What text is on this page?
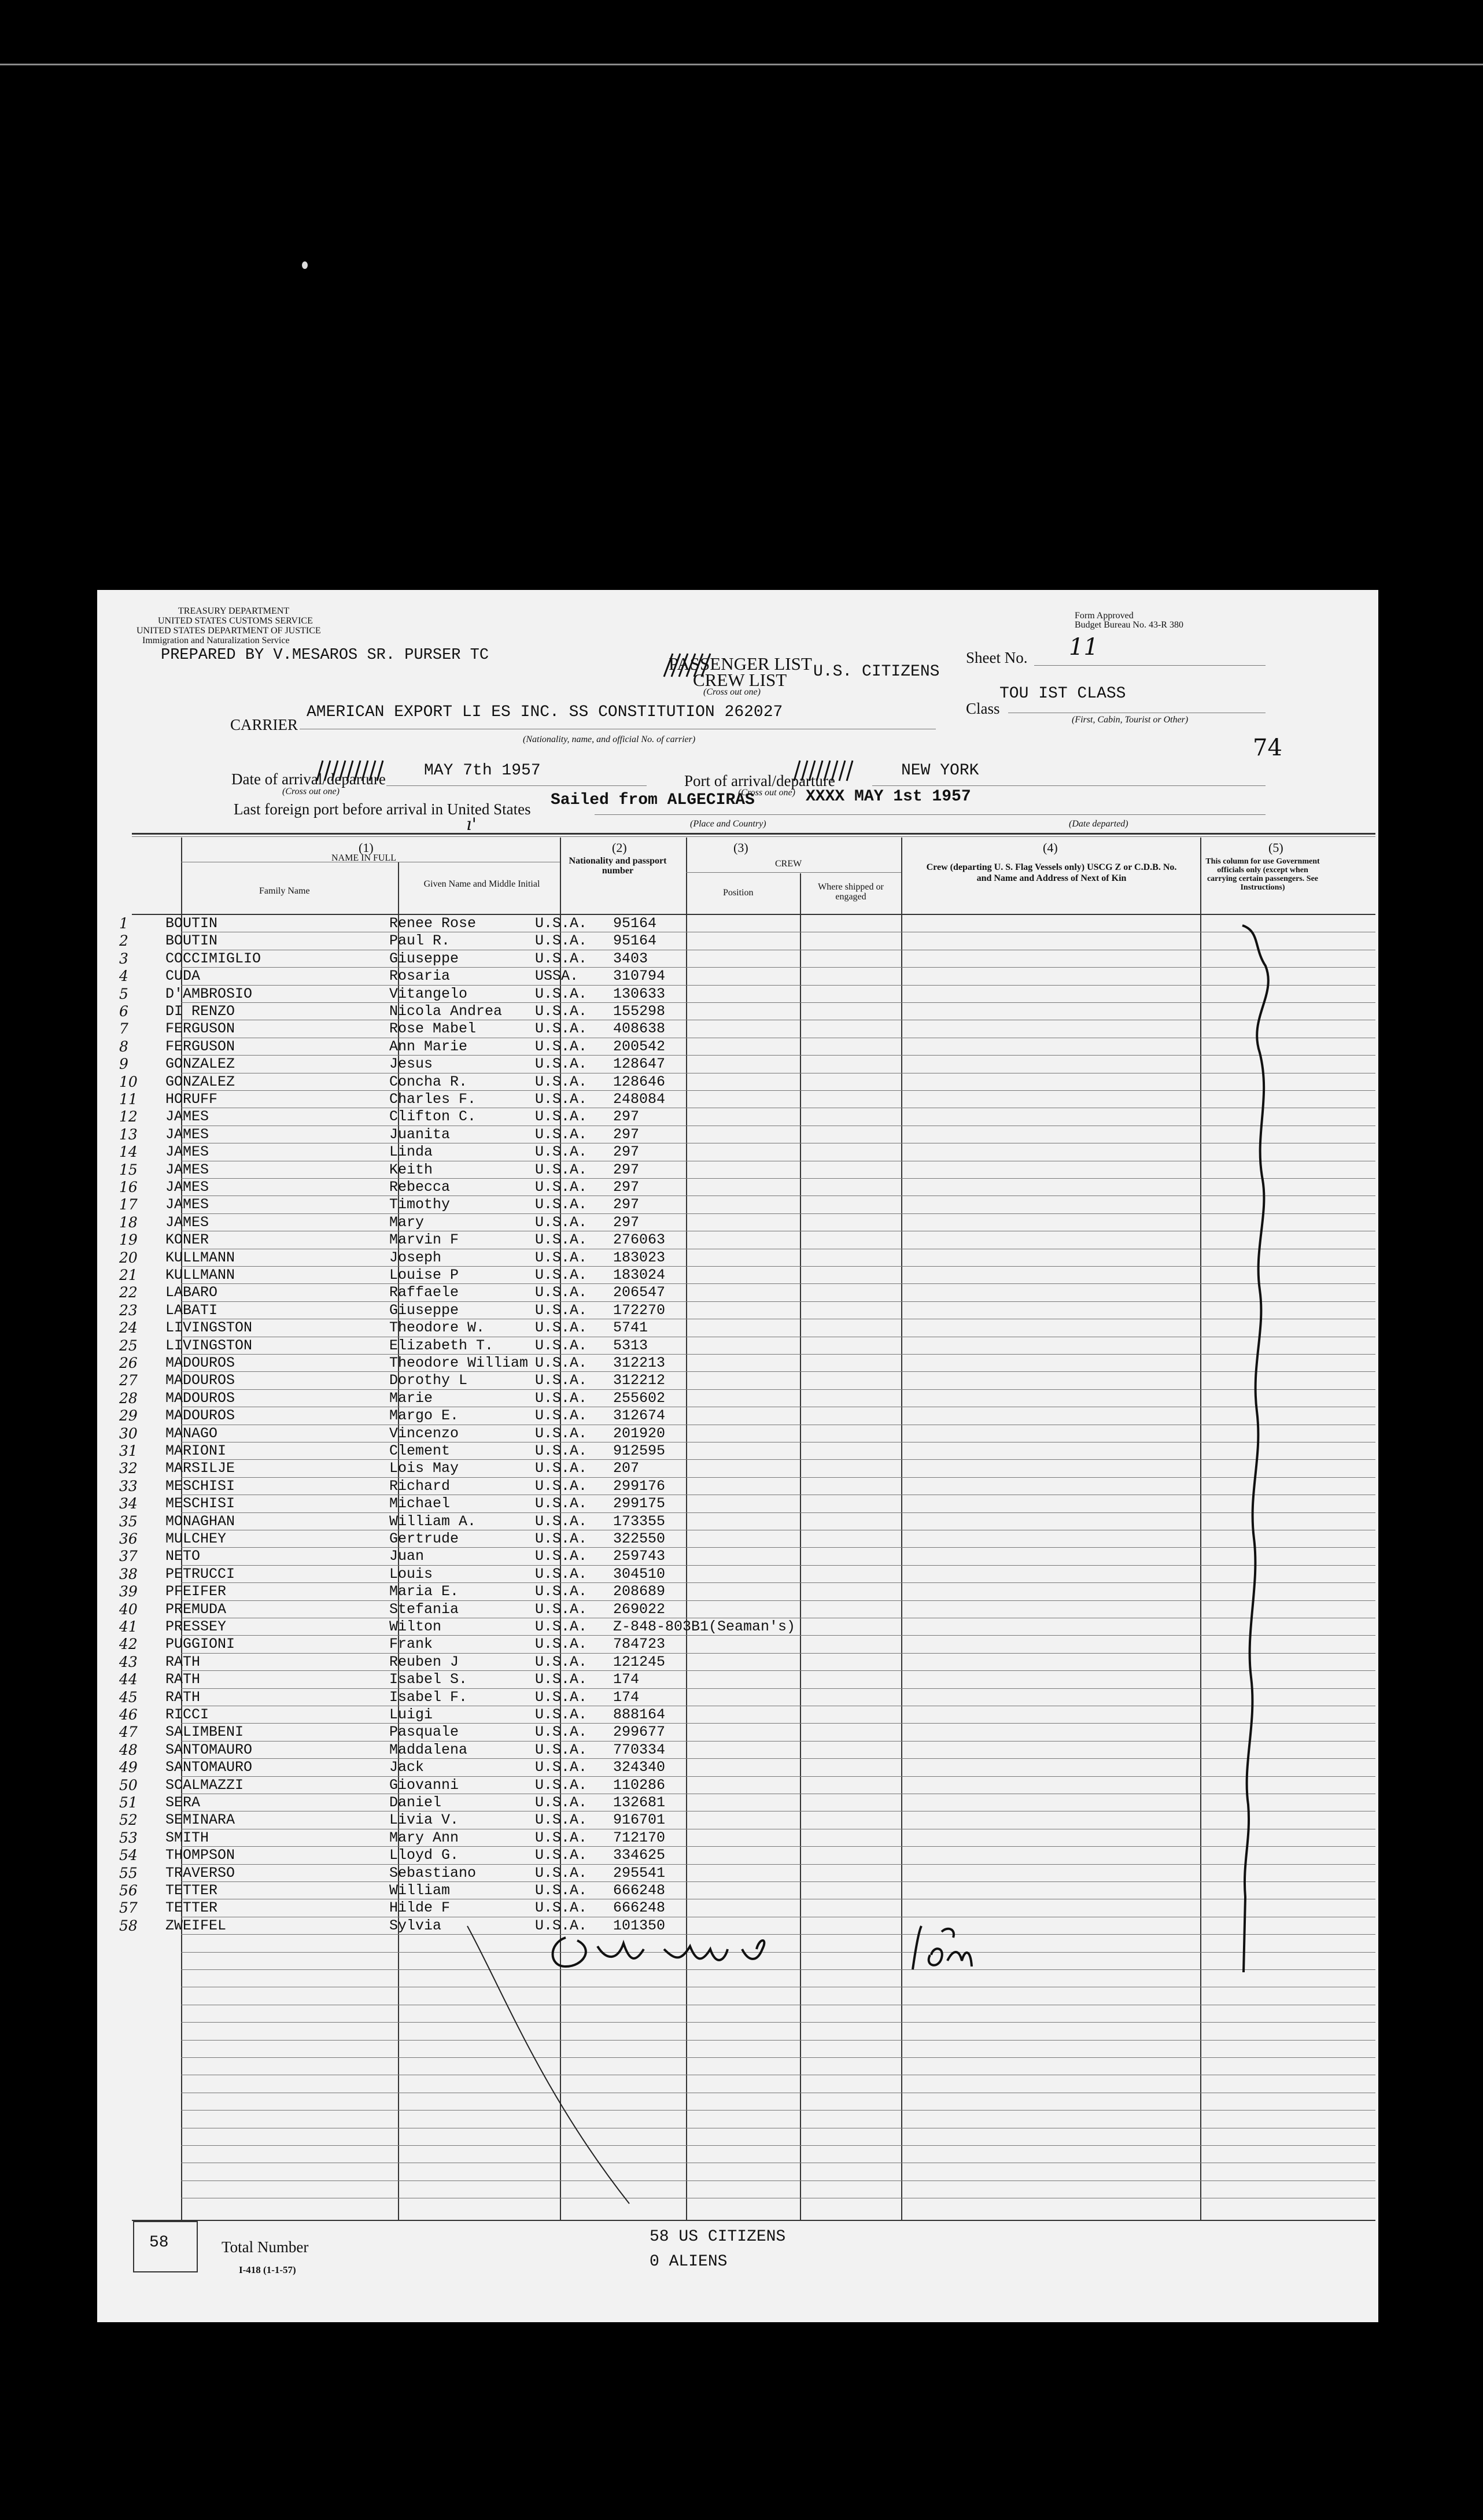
TREASURY DEPARTMENT
UNITED STATES CUSTOMS SERVICE
UNITED STATES DEPARTMENT OF JUSTICE
Immigration and Naturalization Service
PREPARED BY V.MESAROS SR. PURSER TC
Form Approved
Budget Bureau No. 43-R 380
PASSENGER LIST
CREW LIST
(Cross out one)
U.S. CITIZENS
Sheet No. 11
CARRIER
AMERICAN EXPORT LI ES INC. SS CONSTITUTION 262027
(Nationality, name, and official No. of carrier)
Class
TOU IST CLASS
(First, Cabin, Tourist or Other)
74
Date of arrival/departure
(Cross out one)
MAY 7th 1957
Port of arrival/departure
(Cross out one)
NEW YORK
Last foreign port before arrival in United States Sailed from ALGECIRAS	XXXX MAY 1st 1957
(Place and Country)	(Date departed)
ı'
(1)
NAME IN FULL
Family Name
Given Name and Middle Initial
(2)
Nationality and passport number
(3)
CREW
Position
Where shipped or engaged
(4)
Crew (departing U. S. Flag Vessels only) USCG Z or C.D.B. No. and Name and Address of Next of Kin
(5)
This column for use Government officials only (except when carrying certain passengers. See Instructions)
1	BOUTIN	Renee Rose	U.S.A. 95164
2	BOUTIN	Paul R.	U.S.A. 95164
3	COCCIMIGLIO	Giuseppe	U.S.A. 3403
4	CUDA	Rosaria	USSA. 310794
5	D'AMBROSIO	Vitangelo	U.S.A. 130633
6	DI RENZO	Nicola Andrea U.S.A. 155298
7	FERGUSON	Rose Mabel	U.S.A. 408638
8	FERGUSON	Ann Marie	U.S.A. 200542
9	GONZALEZ	Jesus	U.S.A. 128647
10 GONZALEZ	Concha R.	U.S.A. 128646
11 HORUFF	Charles F.	U.S.A. 248084
12 JAMES	Clifton C.	U.S.A. 297
13 JAMES	Juanita	U.S.A. 297
14 JAMES	Linda	U.S.A. 297
15 JAMES	Keith	U.S.A. 297
16 JAMES	Rebecca	U.S.A. 297
17 JAMES	Timothy	U.S.A. 297
18 JAMES	Mary	U.S.A. 297
19 KONER	Marvin F	U.S.A. 276063
20 KULLMANN	Joseph	U.S.A. 183023
21 KULLMANN	Louise P	U.S.A. 183024
22 LABARO	Raffaele	U.S.A. 206547
23 LABATI	Giuseppe	U.S.A. 172270
24 LIVINGSTON	Theodore W.	U.S.A. 5741
25 LIVINGSTON	Elizabeth T.	U.S.A. 5313
26 MADOUROS	Theodore William U.S.A. 312213
27 MADOUROS	Dorothy L	U.S.A. 312212
28 MADOUROS	Marie	U.S.A. 255602
29 MADOUROS	Margo E.	U.S.A. 312674
30 MANAGO	Vincenzo	U.S.A. 201920
31 MARIONI	Clement	U.S.A. 912595
32 MARSILJE	Lois May	U.S.A. 207
33 MESCHISI	Richard	U.S.A. 299176
34 MESCHISI	Michael	U.S.A. 299175
35 MONAGHAN	William A.	U.S.A. 173355
36 MULCHEY	Gertrude	U.S.A. 322550
37 NETO	Juan	U.S.A. 259743
38 PETRUCCI	Louis	U.S.A. 304510
39 PFEIFER	Maria E.	U.S.A. 208689
40 PREMUDA	Stefania	U.S.A. 269022
41 PRESSEY	Wilton	U.S.A. Z-848-803B1(Seaman's)
42 PUGGIONI	Frank	U.S.A. 784723
43 RATH	Reuben J	U.S.A. 121245
44 RATH	Isabel S.	U.S.A. 174
45 RATH	Isabel F.	U.S.A. 174
46 RICCI	Luigi	U.S.A. 888164
47 SALIMBENI	Pasquale	U.S.A. 299677
48 SANTOMAURO	Maddalena	U.S.A. 770334
49 SANTOMAURO	Jack	U.S.A. 324340
50 SCALMAZZI	Giovanni	U.S.A. 110286
51 SERA	Daniel	U.S.A. 132681
52 SEMINARA	Livia V.	U.S.A. 916701
53 SMITH	Mary Ann	U.S.A. 712170
54 THOMPSON	Lloyd G.	U.S.A. 334625
55 TRAVERSO	Sebastiano	U.S.A. 295541
56 TETTER	William	U.S.A. 666248
57 TETTER	Hilde F	U.S.A. 666248
58 ZWEIFEL	Sylvia	U.S.A. 101350
58	Total Number
I-418 (1-1-57)
58 US CITIZENS
0 ALIENS
